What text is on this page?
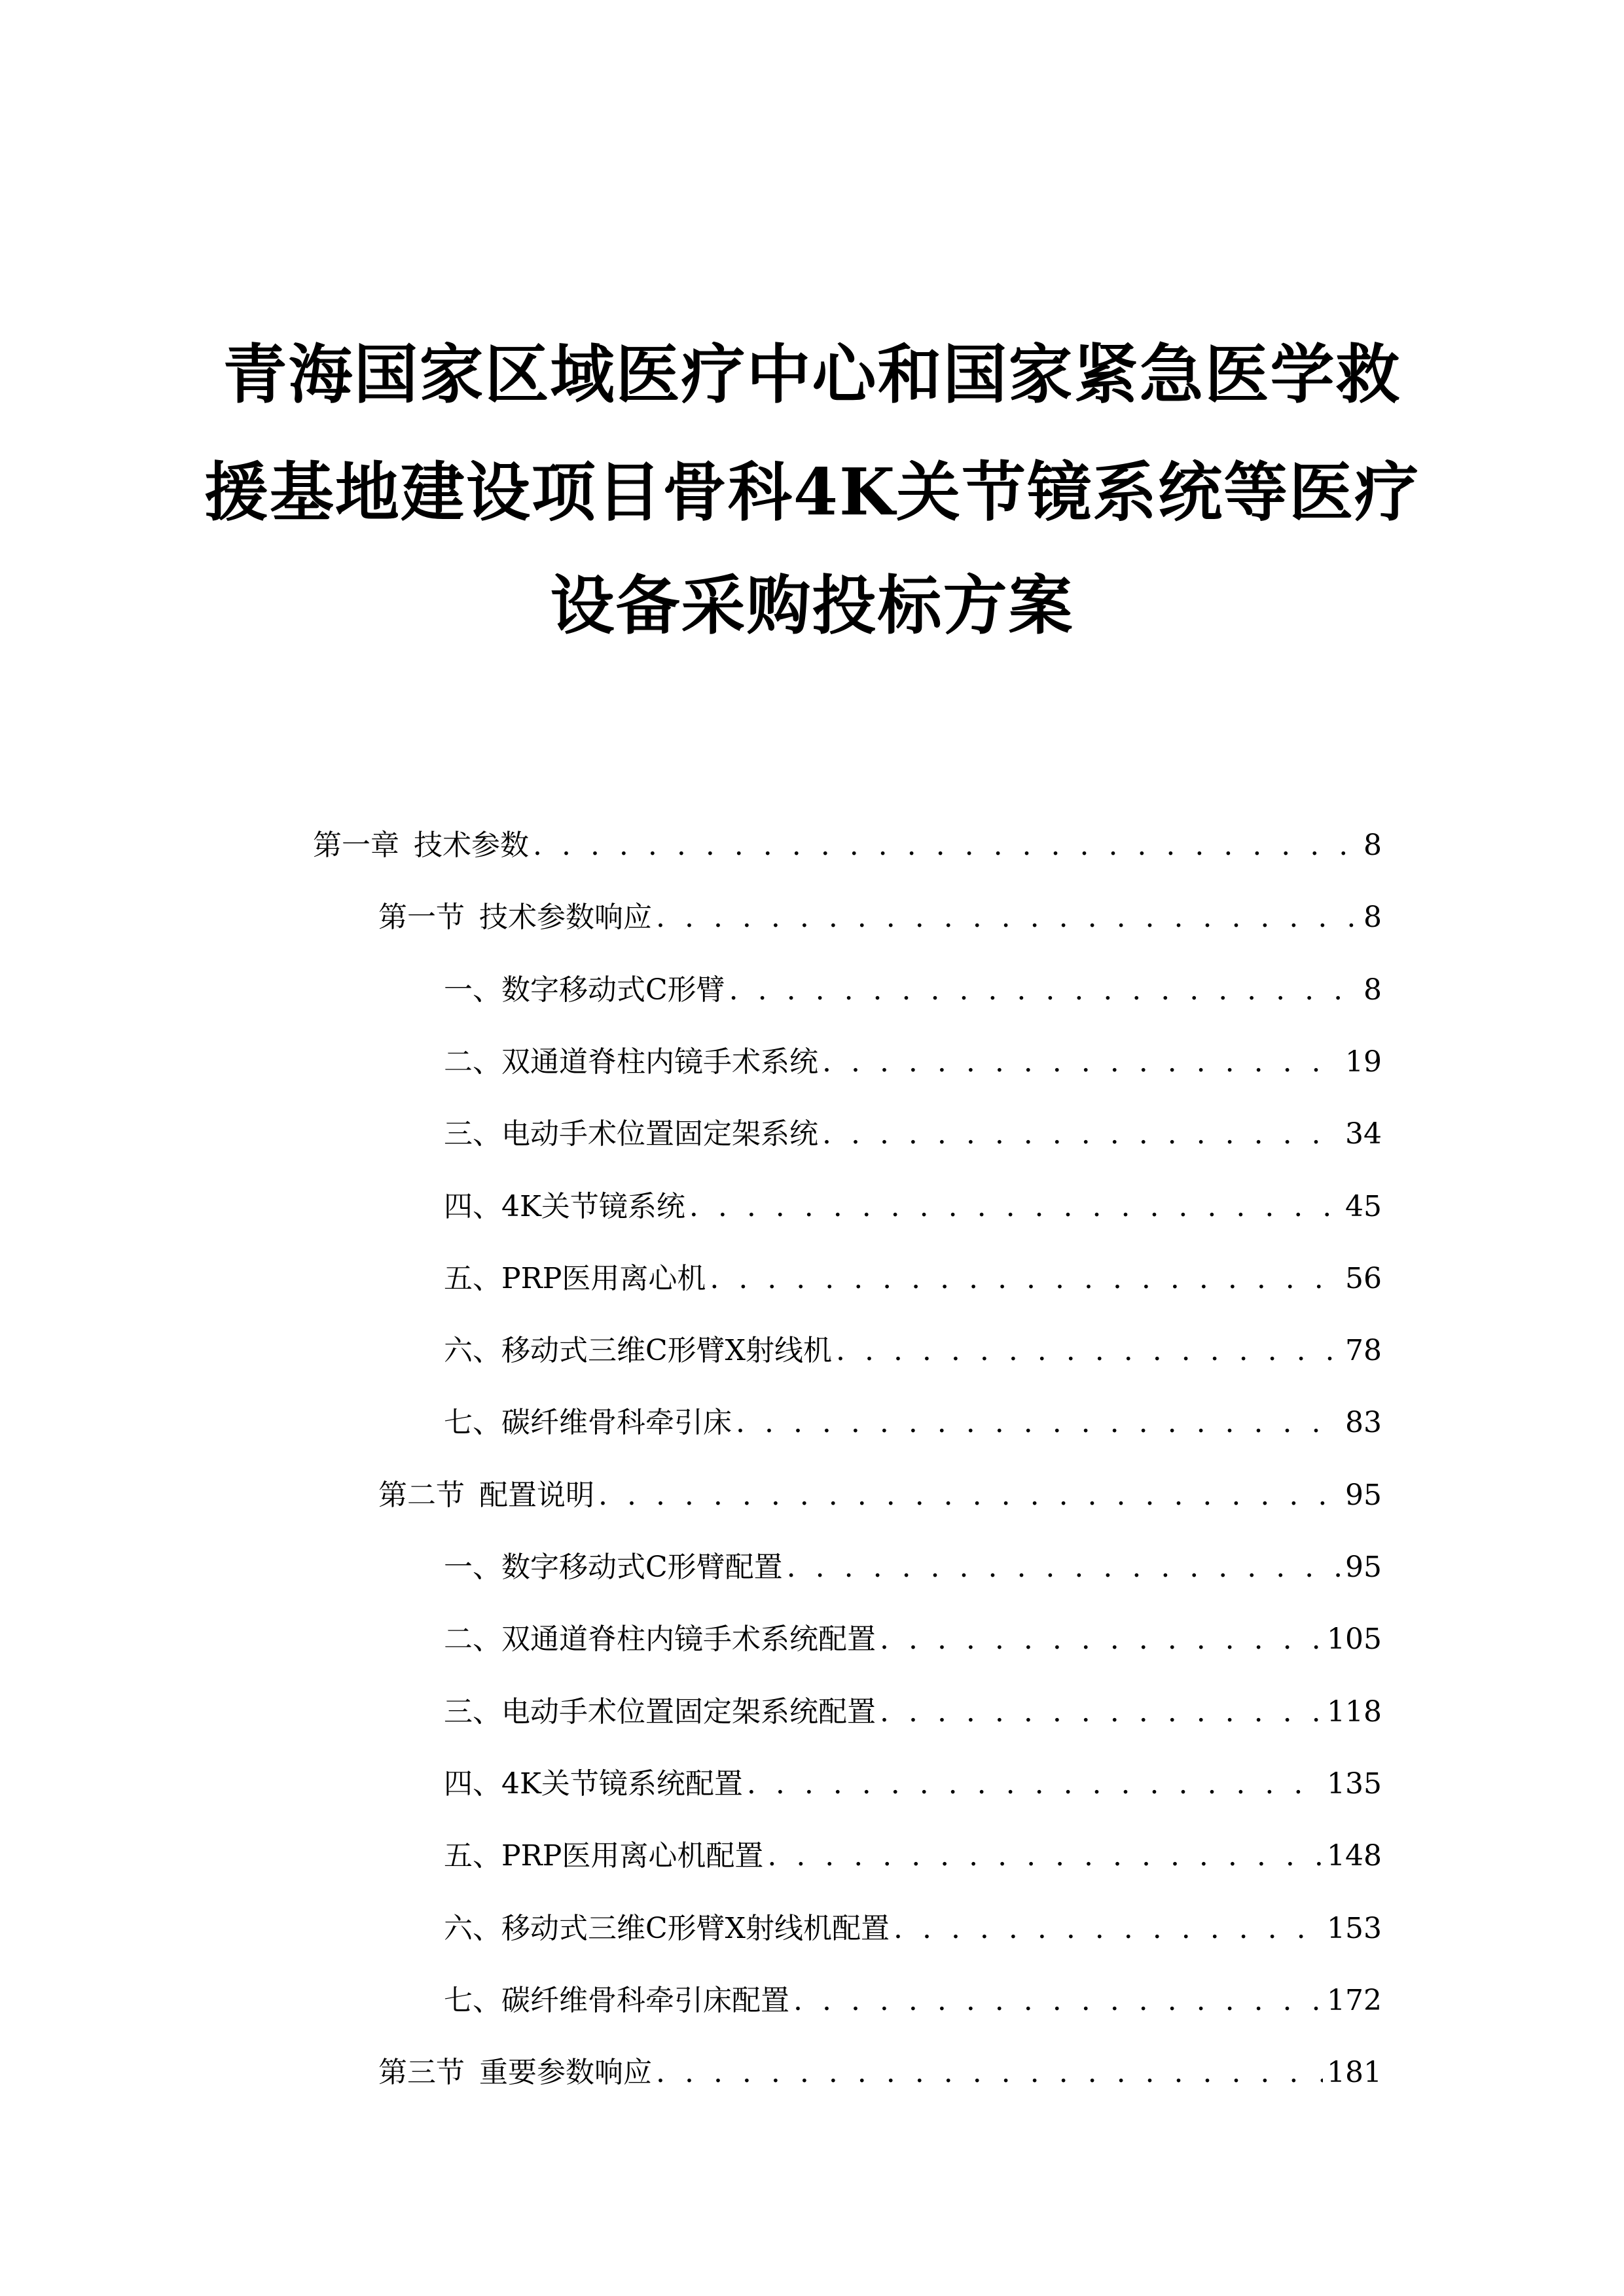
青海国家区域医疗中心和国家紧急医学救
援基地建设项目骨科4K关节镜系统等医疗
设备采购投标方案
第一章 技术参数 . . .	8
第一节 技术参数响应 . . .	8
一、 数字移动式C形臂 . . .	8
二、 双通道脊柱内镜手术系统 . . .	19
三、 电动手术位置固定架系统 . . .	34
四、 4K关节镜系统 . . .	45
五、 PRP医用离心机 . . .	56
六、 移动式三维C形臂X射线机 . . .	78
七、 碳纤维骨科牵引床 . . .	83
第二节 配置说明 . . .	95
一、 数字移动式C形臂配置 . . .	95
二、 双通道脊柱内镜手术系统配置 . . .	105
三、 电动手术位置固定架系统配置 . . .	118
四、 4K关节镜系统配置 . . .	135
五、 PRP医用离心机配置 . . .	148
六、 移动式三维C形臂X射线机配置 . . .	153
七、 碳纤维骨科牵引床配置 . . .	172
第三节 重要参数响应 . . .	181
